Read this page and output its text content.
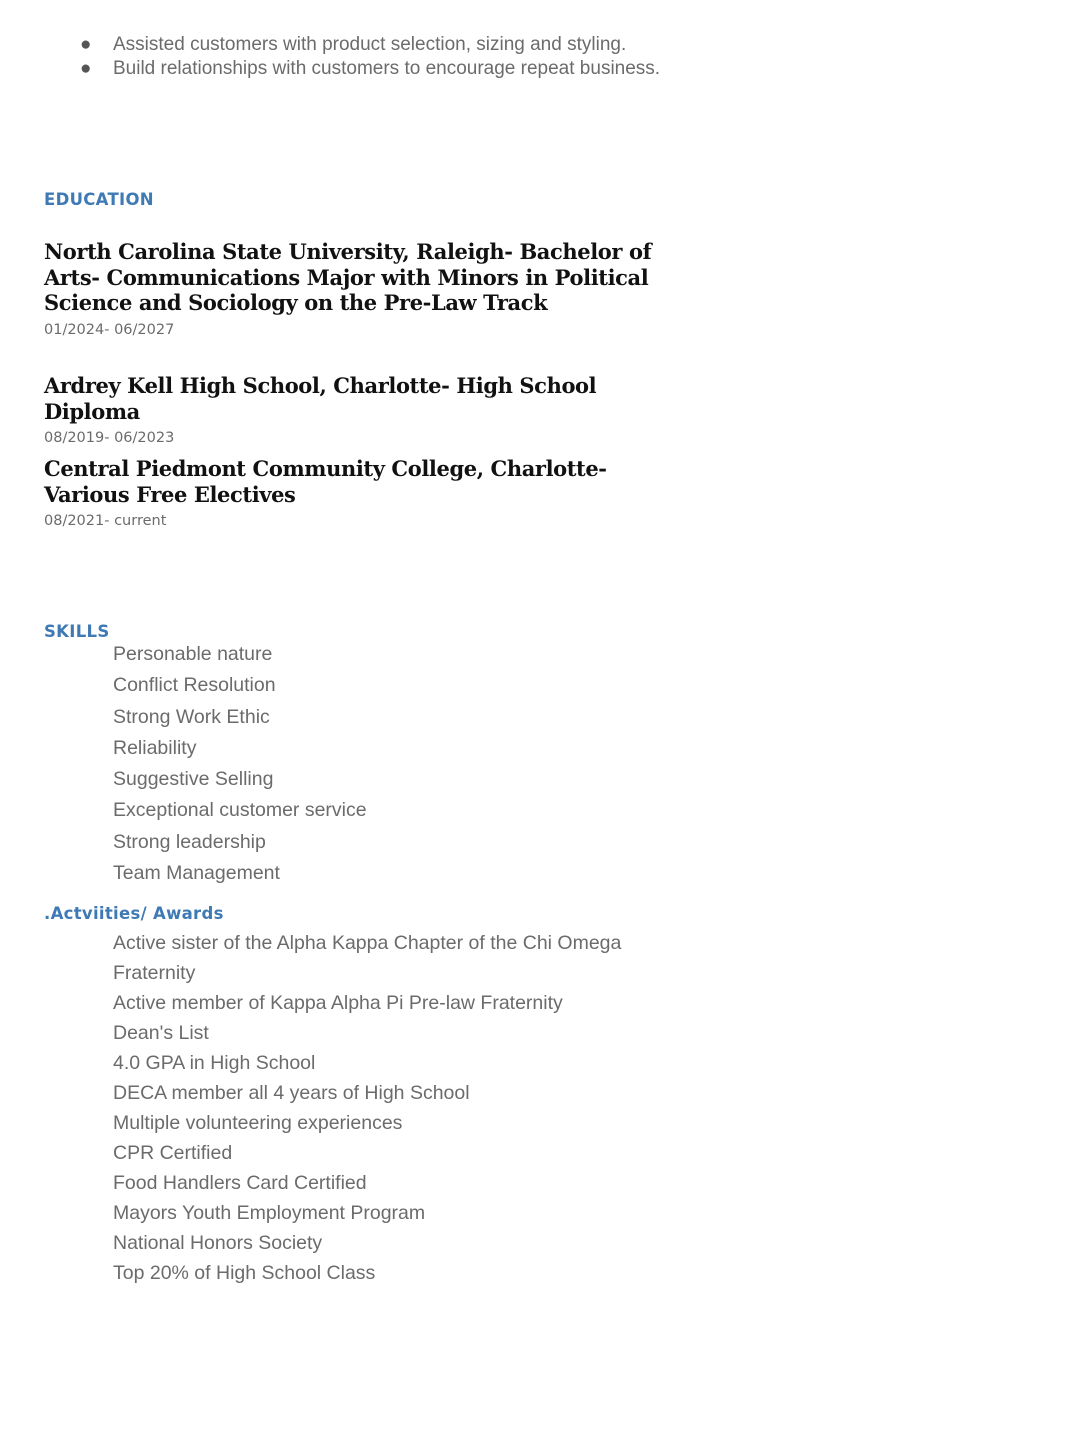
● Assisted customers with product selection, sizing and styling.
● Build relationships with customers to encourage repeat business.
EDUCATION
North Carolina State University, Raleigh- Bachelor of Arts- Communications Major with Minors in Political Science and Sociology on the Pre-Law Track
01/2024- 06/2027
Ardrey Kell High School, Charlotte- High School Diploma
08/2019- 06/2023
Central Piedmont Community College, Charlotte- Various Free Electives
08/2021- current
SKILLS
Personable nature
Conflict Resolution
Strong Work Ethic
Reliability
Suggestive Selling
Exceptional customer service
Strong leadership
Team Management
.Actviities/ Awards
Active sister of the Alpha Kappa Chapter of the Chi Omega
Fraternity
Active member of Kappa Alpha Pi Pre-law Fraternity
Dean's List
4.0 GPA in High School
DECA member all 4 years of High School
Multiple volunteering experiences
CPR Certified
Food Handlers Card Certified
Mayors Youth Employment Program
National Honors Society
Top 20% of High School Class
